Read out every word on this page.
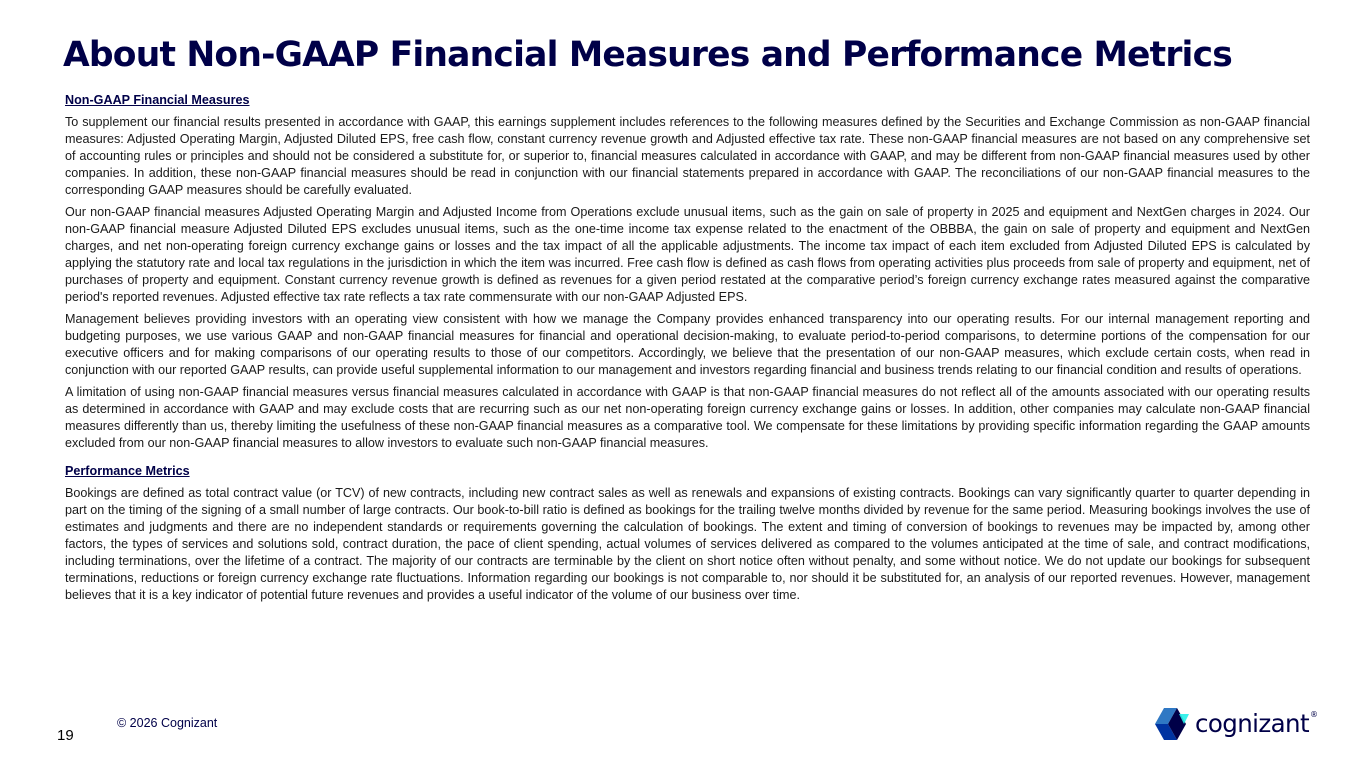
About Non-GAAP Financial Measures and Performance Metrics
Non-GAAP Financial Measures

To supplement our financial results presented in accordance with GAAP, this earnings supplement includes references to the following measures defined by the Securities and Exchange Commission as non-GAAP financial measures: Adjusted Operating Margin, Adjusted Diluted EPS, free cash flow, constant currency revenue growth and Adjusted effective tax rate. These non-GAAP financial measures are not based on any comprehensive set of accounting rules or principles and should not be considered a substitute for, or superior to, financial measures calculated in accordance with GAAP, and may be different from non-GAAP financial measures used by other companies. In addition, these non-GAAP financial measures should be read in conjunction with our financial statements prepared in accordance with GAAP. The reconciliations of our non-GAAP financial measures to the corresponding GAAP measures should be carefully evaluated.

Our non-GAAP financial measures Adjusted Operating Margin and Adjusted Income from Operations exclude unusual items, such as the gain on sale of property in 2025 and equipment and NextGen charges in 2024. Our non-GAAP financial measure Adjusted Diluted EPS excludes unusual items, such as the one-time income tax expense related to the enactment of the OBBBA, the gain on sale of property and equipment and NextGen charges, and net non-operating foreign currency exchange gains or losses and the tax impact of all the applicable adjustments. The income tax impact of each item excluded from Adjusted Diluted EPS is calculated by applying the statutory rate and local tax regulations in the jurisdiction in which the item was incurred. Free cash flow is defined as cash flows from operating activities plus proceeds from sale of property and equipment, net of purchases of property and equipment. Constant currency revenue growth is defined as revenues for a given period restated at the comparative period’s foreign currency exchange rates measured against the comparative period's reported revenues. Adjusted effective tax rate reflects a tax rate commensurate with our non-GAAP Adjusted EPS.

Management believes providing investors with an operating view consistent with how we manage the Company provides enhanced transparency into our operating results. For our internal management reporting and budgeting purposes, we use various GAAP and non-GAAP financial measures for financial and operational decision-making, to evaluate period-to-period comparisons, to determine portions of the compensation for our executive officers and for making comparisons of our operating results to those of our competitors. Accordingly, we believe that the presentation of our non-GAAP measures, which exclude certain costs, when read in conjunction with our reported GAAP results, can provide useful supplemental information to our management and investors regarding financial and business trends relating to our financial condition and results of operations.

A limitation of using non-GAAP financial measures versus financial measures calculated in accordance with GAAP is that non-GAAP financial measures do not reflect all of the amounts associated with our operating results as determined in accordance with GAAP and may exclude costs that are recurring such as our net non-operating foreign currency exchange gains or losses. In addition, other companies may calculate non-GAAP financial measures differently than us, thereby limiting the usefulness of these non-GAAP financial measures as a comparative tool. We compensate for these limitations by providing specific information regarding the GAAP amounts excluded from our non-GAAP financial measures to allow investors to evaluate such non-GAAP financial measures.

Performance Metrics

Bookings are defined as total contract value (or TCV) of new contracts, including new contract sales as well as renewals and expansions of existing contracts. Bookings can vary significantly quarter to quarter depending in part on the timing of the signing of a small number of large contracts. Our book-to-bill ratio is defined as bookings for the trailing twelve months divided by revenue for the same period. Measuring bookings involves the use of estimates and judgments and there are no independent standards or requirements governing the calculation of bookings. The extent and timing of conversion of bookings to revenues may be impacted by, among other factors, the types of services and solutions sold, contract duration, the pace of client spending, actual volumes of services delivered as compared to the volumes anticipated at the time of sale, and contract modifications, including terminations, over the lifetime of a contract. The majority of our contracts are terminable by the client on short notice often without penalty, and some without notice. We do not update our bookings for subsequent terminations, reductions or foreign currency exchange rate fluctuations. Information regarding our bookings is not comparable to, nor should it be substituted for, an analysis of our reported revenues. However, management believes that it is a key indicator of potential future revenues and provides a useful indicator of the volume of our business over time.

19
© 2026 Cognizant	cognizant®
